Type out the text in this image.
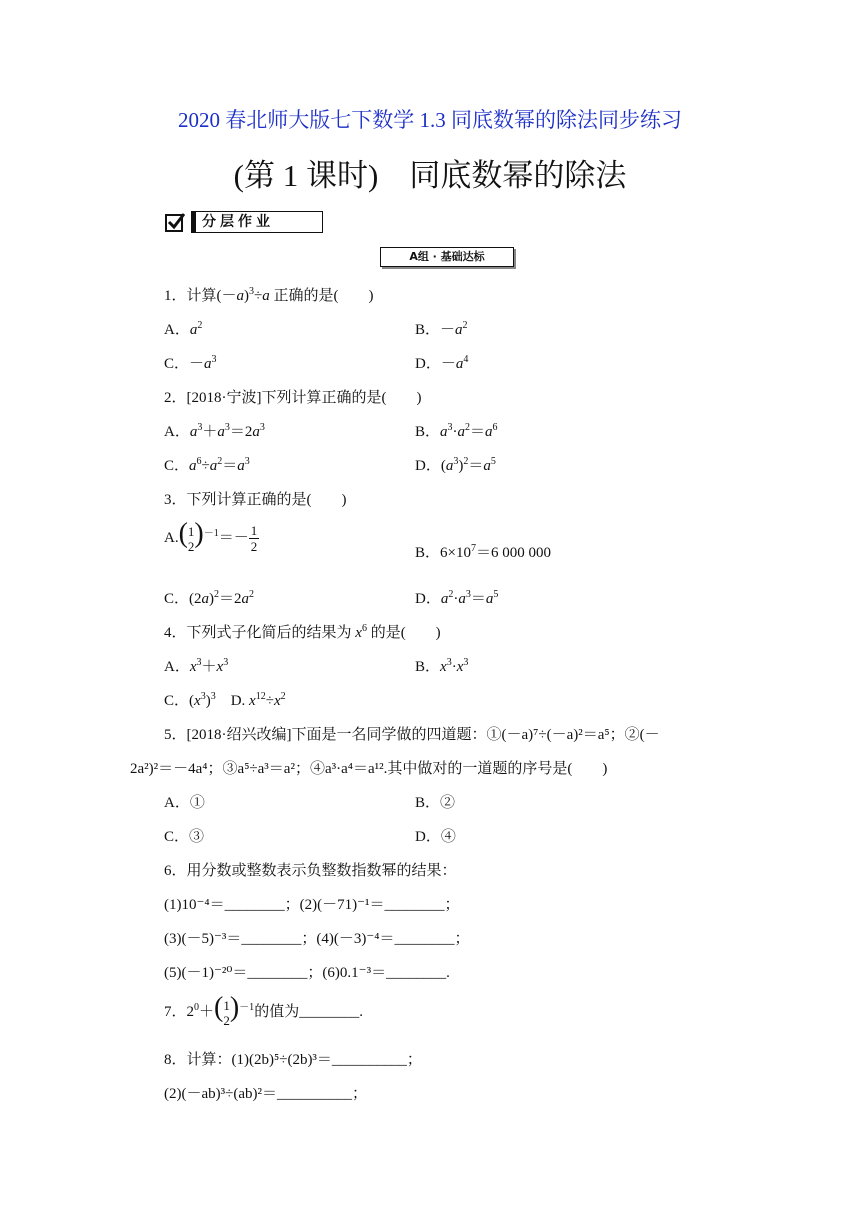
2020 春北师大版七下数学 1.3 同底数幂的除法同步练习
(第 1 课时)　同底数幂的除法
分层作业
A组 · 基础达标
1．计算$(-a)^3\div a$ 正确的是(　　)
A．$a^2$	B．$-a^2$
C．$-a^3$	D．$-a^4$
2．[2018·宁波]下列计算正确的是(　　)
A．$a^3+a^3=2a^3$	B．$a^3\cdot a^2=a^6$
C．$a^6\div a^2=a^3$	D．$(a^3)^2=a^5$
3．下列计算正确的是(　　)
A.( 1
2 )$^{-1}=- \frac{1}{2}$	B．$6\times 10^7=6$ 000 000
C．$(2a)^2=2a^2$	D．$a^2\cdot a^3=a^5$
4．下列式子化简后的结果为 $x^6$ 的是(　　)
A．$x^3+x^3$	B．$x^3\cdot x^3$
C．$(x^3)^3$　 D. $x^{12}\div x^2$
5．[2018·绍兴改编]下面是一名同学做的四道题：①(－a)⁷÷(－a)²＝a⁵；②(－
2a²)²＝－4a⁴；③a⁵÷a³＝a²；④a³·a⁴＝a¹².其中做对的一道题的序号是(　　)
A．①	B．②
C．③	D．④
6．用分数或整数表示负整数指数幂的结果：
(1)10⁻⁴＝________；(2)(－71)⁻¹＝________；
(3)(－5)⁻³＝________；(4)(－3)⁻⁴＝________；
(5)(－1)⁻²⁰＝________；(6)0.1⁻³＝________.
7．$2^0+$( 1
2 )$^{-1}$的值为________.
8．计算：(1)(2b)⁵÷(2b)³＝__________；
(2)(－ab)³÷(ab)²＝__________；
